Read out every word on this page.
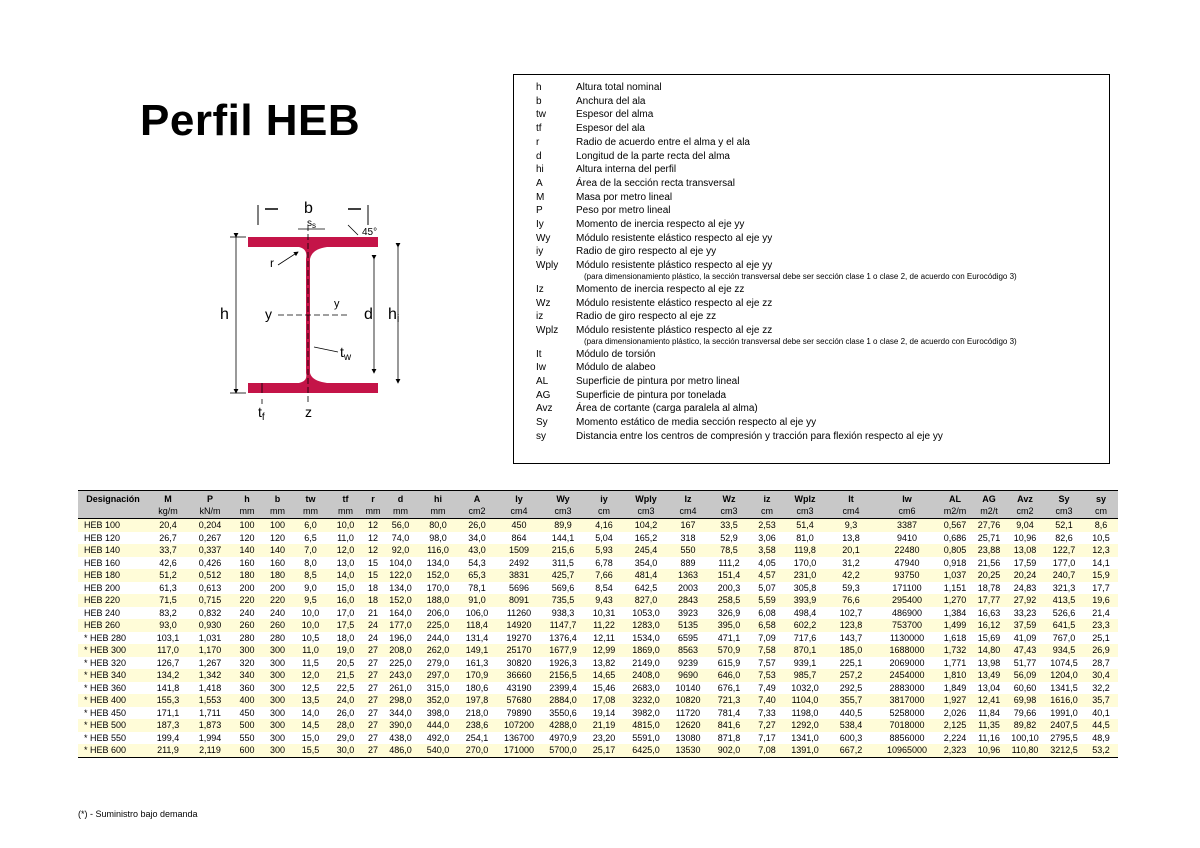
Perfil HEB
b
$s_s$
45°
r
h	y
y
d hi
$t_w$
$t_f$	z
h	Altura total nominal
b	Anchura del ala
tw	Espesor del alma
tf	Espesor del ala
r	Radio de acuerdo entre el alma y el ala
d	Longitud de la parte recta del alma
hi	Altura interna del perfil
A	Área de la sección recta transversal
M	Masa por metro lineal
P	Peso por metro lineal
Iy	Momento de inercia respecto al eje yy
Wy	Módulo resistente elástico respecto al eje yy
iy	Radio de giro respecto al eje yy
Wply	Módulo resistente plástico respecto al eje yy
(para dimensionamiento plástico, la sección transversal debe ser sección clase 1 o clase 2, de acuerdo con Eurocódigo 3)
Iz	Momento de inercia respecto al eje zz
Wz	Módulo resistente elástico respecto al eje zz
iz	Radio de giro respecto al eje zz
Wplz	Módulo resistente plástico respecto al eje zz
(para dimensionamiento plástico, la sección transversal debe ser sección clase 1 o clase 2, de acuerdo con Eurocódigo 3)
It	Módulo de torsión
Iw	Módulo de alabeo
AL	Superficie de pintura por metro lineal
AG	Superficie de pintura por tonelada
Avz	Área de cortante (carga paralela al alma)
Sy	Momento estático de media sección respecto al eje yy
sy	Distancia entre los centros de compresión y tracción para flexión respecto al eje yy
Designación	M	P	h	b	tw	tf	r	d	hi	A	Iy	Wy	iy	Wply	Iz	Wz	iz	Wplz	It	Iw	AL	AG	Avz	Sy	sy
	kg/m	kN/m	mm	mm	mm	mm	mm	mm	mm	cm2	cm4	cm3	cm	cm3	cm4	cm3	cm	cm3	cm4	cm6	m2/m	m2/t	cm2	cm3	cm
HEB 100	20,4	0,204	100	100	6,0	10,0	12	56,0	80,0	26,0	450	89,9	4,16	104,2	167	33,5	2,53	51,4	9,3	3387	0,567	27,76	9,04	52,1	8,6
HEB 120	26,7	0,267	120	120	6,5	11,0	12	74,0	98,0	34,0	864	144,1	5,04	165,2	318	52,9	3,06	81,0	13,8	9410	0,686	25,71	10,96	82,6	10,5
HEB 140	33,7	0,337	140	140	7,0	12,0	12	92,0	116,0	43,0	1509	215,6	5,93	245,4	550	78,5	3,58	119,8	20,1	22480	0,805	23,88	13,08	122,7	12,3
HEB 160	42,6	0,426	160	160	8,0	13,0	15	104,0	134,0	54,3	2492	311,5	6,78	354,0	889	111,2	4,05	170,0	31,2	47940	0,918	21,56	17,59	177,0	14,1
HEB 180	51,2	0,512	180	180	8,5	14,0	15	122,0	152,0	65,3	3831	425,7	7,66	481,4	1363	151,4	4,57	231,0	42,2	93750	1,037	20,25	20,24	240,7	15,9
HEB 200	61,3	0,613	200	200	9,0	15,0	18	134,0	170,0	78,1	5696	569,6	8,54	642,5	2003	200,3	5,07	305,8	59,3	171100	1,151	18,78	24,83	321,3	17,7
HEB 220	71,5	0,715	220	220	9,5	16,0	18	152,0	188,0	91,0	8091	735,5	9,43	827,0	2843	258,5	5,59	393,9	76,6	295400	1,270	17,77	27,92	413,5	19,6
HEB 240	83,2	0,832	240	240	10,0	17,0	21	164,0	206,0	106,0	11260	938,3	10,31	1053,0	3923	326,9	6,08	498,4	102,7	486900	1,384	16,63	33,23	526,6	21,4
HEB 260	93,0	0,930	260	260	10,0	17,5	24	177,0	225,0	118,4	14920	1147,7	11,22	1283,0	5135	395,0	6,58	602,2	123,8	753700	1,499	16,12	37,59	641,5	23,3
* HEB 280	103,1	1,031	280	280	10,5	18,0	24	196,0	244,0	131,4	19270	1376,4	12,11	1534,0	6595	471,1	7,09	717,6	143,7	1130000	1,618	15,69	41,09	767,0	25,1
* HEB 300	117,0	1,170	300	300	11,0	19,0	27	208,0	262,0	149,1	25170	1677,9	12,99	1869,0	8563	570,9	7,58	870,1	185,0	1688000	1,732	14,80	47,43	934,5	26,9
* HEB 320	126,7	1,267	320	300	11,5	20,5	27	225,0	279,0	161,3	30820	1926,3	13,82	2149,0	9239	615,9	7,57	939,1	225,1	2069000	1,771	13,98	51,77	1074,5	28,7
* HEB 340	134,2	1,342	340	300	12,0	21,5	27	243,0	297,0	170,9	36660	2156,5	14,65	2408,0	9690	646,0	7,53	985,7	257,2	2454000	1,810	13,49	56,09	1204,0	30,4
* HEB 360	141,8	1,418	360	300	12,5	22,5	27	261,0	315,0	180,6	43190	2399,4	15,46	2683,0	10140	676,1	7,49	1032,0	292,5	2883000	1,849	13,04	60,60	1341,5	32,2
* HEB 400	155,3	1,553	400	300	13,5	24,0	27	298,0	352,0	197,8	57680	2884,0	17,08	3232,0	10820	721,3	7,40	1104,0	355,7	3817000	1,927	12,41	69,98	1616,0	35,7
* HEB 450	171,1	1,711	450	300	14,0	26,0	27	344,0	398,0	218,0	79890	3550,6	19,14	3982,0	11720	781,4	7,33	1198,0	440,5	5258000	2,026	11,84	79,66	1991,0	40,1
* HEB 500	187,3	1,873	500	300	14,5	28,0	27	390,0	444,0	238,6	107200	4288,0	21,19	4815,0	12620	841,6	7,27	1292,0	538,4	7018000	2,125	11,35	89,82	2407,5	44,5
* HEB 550	199,4	1,994	550	300	15,0	29,0	27	438,0	492,0	254,1	136700	4970,9	23,20	5591,0	13080	871,8	7,17	1341,0	600,3	8856000	2,224	11,16	100,10	2795,5	48,9
* HEB 600	211,9	2,119	600	300	15,5	30,0	27	486,0	540,0	270,0	171000	5700,0	25,17	6425,0	13530	902,0	7,08	1391,0	667,2	10965000	2,323	10,96	110,80	3212,5	53,2
(*) - Suministro bajo demanda
